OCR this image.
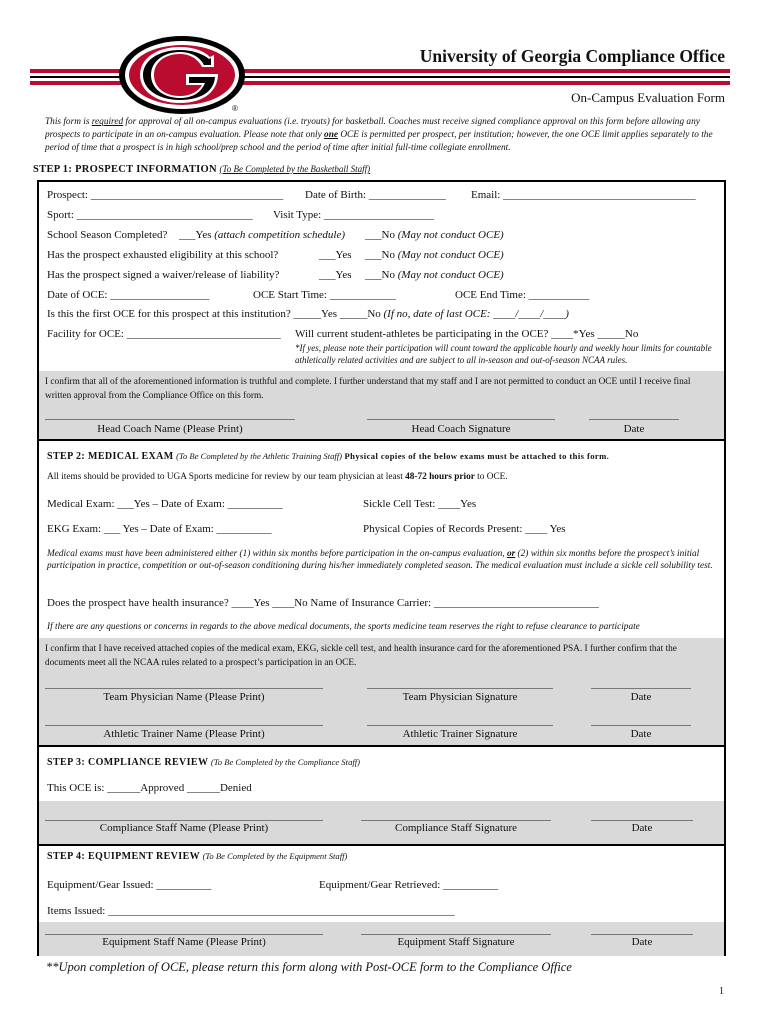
®
University of Georgia Compliance Office
On-Campus Evaluation Form
This form is required for approval of all on-campus evaluations (i.e. tryouts) for basketball. Coaches must receive signed compliance approval on this form before allowing any prospects to participate in an on-campus evaluation. Please note that only one OCE is permitted per prospect, per institution; however, the one OCE limit applies separately to the period of time that a prospect is in high school/prep school and the period of time after initial full-time collegiate enrollment.
STEP 1: PROSPECT INFORMATION (To Be Completed by the Basketball Staff)
Prospect: ___________________________________ Date of Birth: ______________ Email: ___________________________________
Sport: ________________________________ Visit Type: ____________________
School Season Completed? ___Yes (attach competition schedule) ___No (May not conduct OCE)
Has the prospect exhausted eligibility at this school?	___Yes ___No (May not conduct OCE)
Has the prospect signed a waiver/release of liability?	___Yes ___No (May not conduct OCE)
Date of OCE: __________________	OCE Start Time: ____________	OCE End Time: ___________
Is this the first OCE for this prospect at this institution? _____Yes _____No (If no, date of last OCE: ____/____/____)
Facility for OCE: ____________________________ Will current student-athletes be participating in the OCE? ____*Yes _____No
*If yes, please note their participation will count toward the applicable hourly and weekly hour limits for countable athletically related activities and are subject to all in-season and out-of-season NCAA rules.
I confirm that all of the aforementioned information is truthful and complete. I further understand that my staff and I are not permitted to conduct an OCE until I receive final written approval from the Compliance Office on this form.
Head Coach Name (Please Print)	Head Coach Signature	Date
STEP 2: MEDICAL EXAM (To Be Completed by the Athletic Training Staff) Physical copies of the below exams must be attached to this form.
All items should be provided to UGA Sports medicine for review by our team physician at least 48-72 hours prior to OCE.
Medical Exam: ___Yes – Date of Exam: __________	Sickle Cell Test: ____Yes
EKG Exam: ___ Yes – Date of Exam: __________	Physical Copies of Records Present: ____ Yes
Medical exams must have been administered either (1) within six months before participation in the on-campus evaluation, or (2) within six months before the prospect’s initial participation in practice, competition or out-of-season conditioning during his/her immediately completed season. The medical evaluation must include a sickle cell solubility test.
Does the prospect have health insurance? ____Yes ____No Name of Insurance Carrier: ______________________________
If there are any questions or concerns in regards to the above medical documents, the sports medicine team reserves the right to refuse clearance to participate
I confirm that I have received attached copies of the medical exam, EKG, sickle cell test, and health insurance card for the aforementioned PSA. I further confirm that the documents meet all the NCAA rules related to a prospect’s participation in an OCE.
Team Physician Name (Please Print)	Team Physician Signature	Date
Athletic Trainer Name (Please Print)	Athletic Trainer Signature	Date
STEP 3: COMPLIANCE REVIEW (To Be Completed by the Compliance Staff)
This OCE is: ______Approved ______Denied
Compliance Staff Name (Please Print)	Compliance Staff Signature	Date
STEP 4: EQUIPMENT REVIEW (To Be Completed by the Equipment Staff)
Equipment/Gear Issued: __________	Equipment/Gear Retrieved: __________
Items Issued: _______________________________________________________________
Equipment Staff Name (Please Print)	Equipment Staff Signature	Date
**Upon completion of OCE, please return this form along with Post-OCE form to the Compliance Office
1
